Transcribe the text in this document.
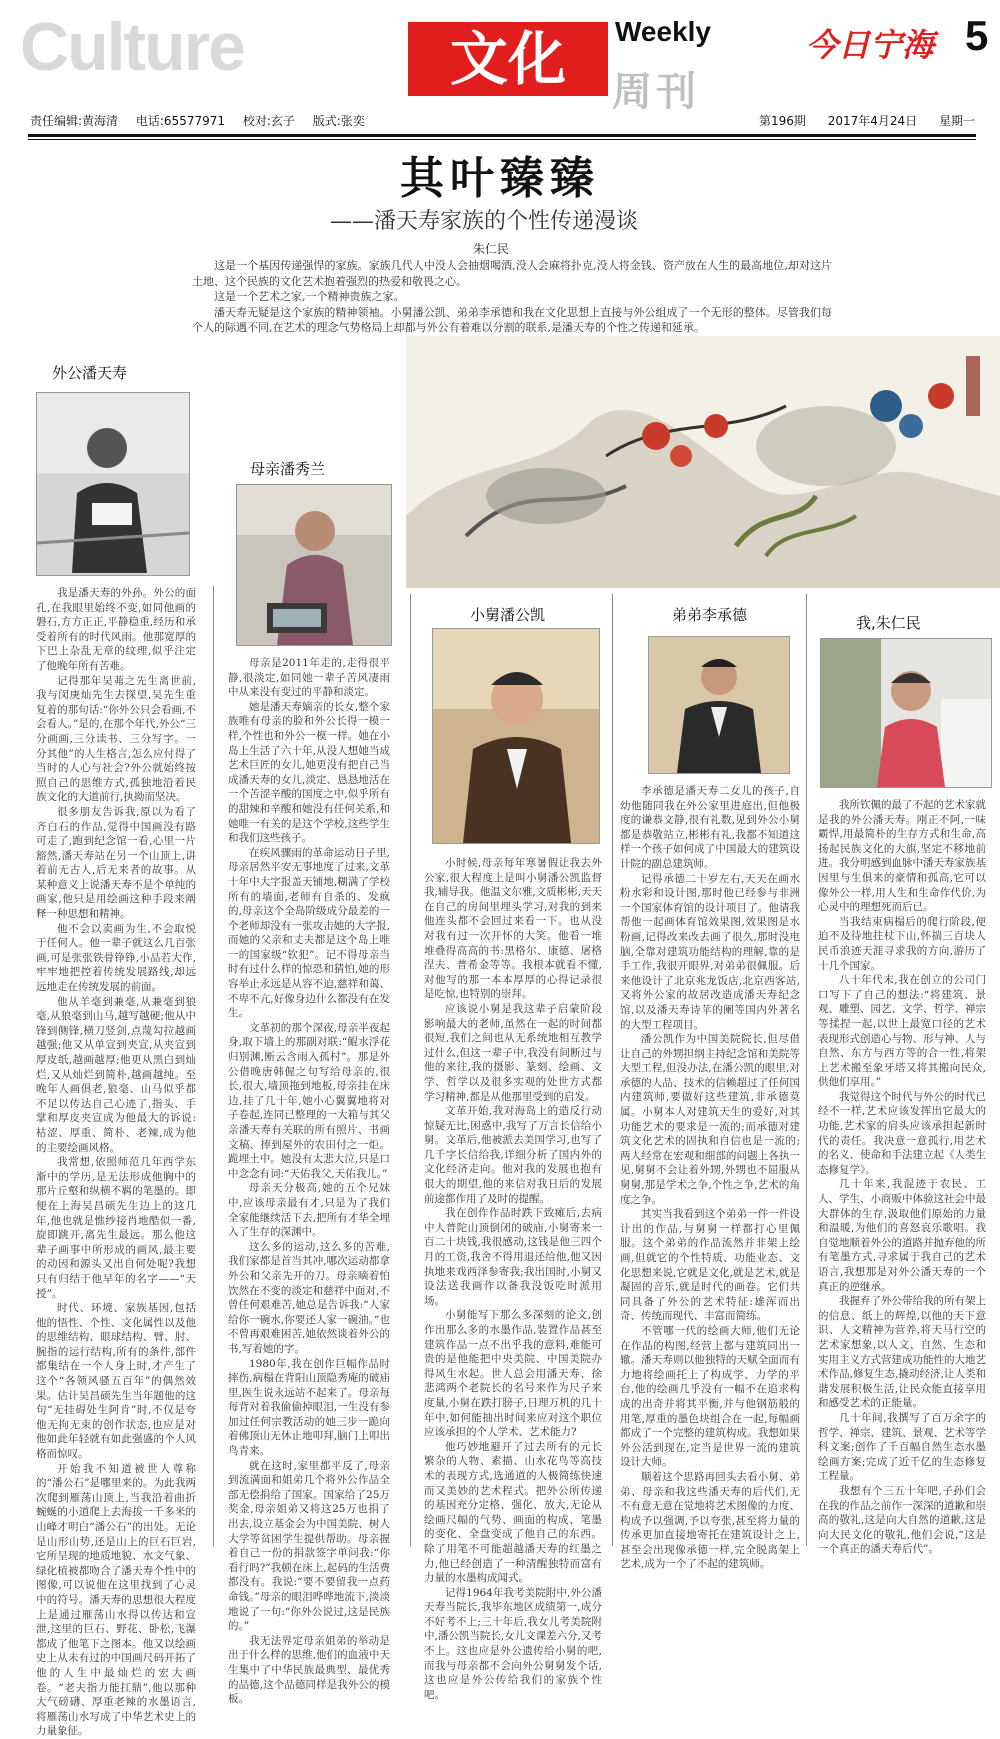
Culture	文化	Weekly
周刊
今日宁海 5
责任编辑:黄海清 电话:65577971 校对:玄子 版式:张奕	第196期 2017年4月24日 星期一
其叶臻臻
——潘天寿家族的个性传递漫谈
朱仁民

这是一个基因传递强悍的家族。家族几代人中没人会抽烟喝酒,没人会麻将扑克,没人将金钱、资产放在人生的最高地位,却对这片土地、这个民族的文化艺术抱着强烈的热爱和敬畏之心。

这是一个艺术之家,一个精神贵族之家。

潘天寿无疑是这个家族的精神领袖。小舅潘公凯、弟弟李承德和我在文化思想上直接与外公组成了一个无形的整体。尽管我们每个人的际遇不同,在艺术的理念气势格局上却都与外公有着难以分割的联系,是潘天寿的个性之传递和延承。

外公潘天寿
母亲潘秀兰
小舅潘公凯	弟弟李承德	我,朱仁民

我是潘天寿的外孙。外公的面孔,在我眼里始终不变,如同他画的磐石,方方正正,平静稳重,经历和承受着所有的时代风雨。他那宽厚的下巴上杂乱无章的纹理,似乎注定了他晚年所有苦难。

记得那年吴茀之先生离世前,我与闵庚灿先生去探望,吴先生重复着的那句话:“你外公只会看画,不会看人。”是的,在那个年代,外公“三分画画,三分读书、三分写字。一分其他”的人生格言,怎么应付得了当时的人心与社会?外公就始终按照自己的思维方式,孤独地沿着民族文化的大道前行,执拗而坚决。

很多朋友告诉我,原以为看了齐白石的作品,觉得中国画没有路可走了,跑到纪念馆一看,心里一片豁然,潘天寿站在另一个山顶上,讲着前无古人,后无来者的故事。从某种意义上说潘天寿不是个单纯的画家,他只是用绘画这种手段来阐释一种思想和精神。

他不会以卖画为生,不会取悦于任何人。他一辈子就这么几百张画,可是张张铁骨铮铮,小品若大作,牢牢地把控着传统发展路线,却远远地走在传统发展的前面。

他从羊毫到兼毫,从兼毫到狼毫,从狼毫到山马,越写越硬;他从中锋到侧锋,横刀竖剑,点蔑勾拉越画越强;他又从单宣到夹宣,从夹宣到厚皮纸,越画越厚;他更从黑白到灿烂,又从灿烂到简朴,越画越纯。至晚年人画俱老,狼毫、山马似乎都不足以传达自己心迹了,指头、手掌和厚皮夹宣成为他最大的诉说:枯涩、厚重、简朴、老辣,成为他的主要绘画风格。

我常想,依照师范几年西学东渐中的学历,是无法形成他胸中的那片丘壑和纵横不羁的笔墨的。即便在上海吴昌硕先生边上的这几年,他也就是憔纱接肖地酷似一番,旋即跳开,离先生最远。那么他这辈子画事中所形成的画风,最主要的动因和源头又出自何处呢?我想只有归结于他早年的名字——“天授”。

时代、环境、家族基因,包括他的悟性、个性、文化属性以及他的思维结构、眼球结构、臂、肘、腕指的运行结构,所有的条件,部件都集结在一个人身上时,才产生了这个“各领风骚五百年”的偶然效果。估计吴昌硕先生当年题他的这句“无挂碍处生阿肯”时,不仅是夸他无拘无束的创作状态,也应是对他如此年轻就有如此强盛的个人风格而惊叹。

开始我不知道被世人尊称的“潘公石”是哪里来的。为此我两次爬到雁荡山顶上,当我沿着曲折蜿蜒的小道爬上去海拔一千多米的山峰才明白“潘公石”的出处。无论是山形山势,还是山上的巨石巨岩,它所呈现的地质地貌、水文气象、绿化植被都吻合了潘天寿个性中的图像,可以说他在这里找到了心灵中的符号。潘天寿的思想很大程度上是通过雁荡山水得以传达和宣泄,这里的巨石、野花、卧松,飞瀑都成了他笔下之图本。他又以绘画史上从未有过的中国画尺码开拓了他的人生中最灿烂的宏大画卷。“老夫指力能扛鼎”,他以那种大气磅礴、厚重老辣的水墨语言,将雁荡山水写成了中华艺术史上的力量象征。

母亲是2011年走的,走得很平静,很淡定,如同她一辈子苦风凄雨中从来没有变过的平静和淡定。

她是潘天寿嫡亲的长女,整个家族唯有母亲的脸和外公长得一模一样,个性也和外公一模一样。她在小岛上生活了六十年,从没人想她当成艺术巨匠的女儿,她更没有把自己当成潘天寿的女儿,淡定、恳恳地活在一个苦涩辛酸的国度之中,似乎所有的甜辣和辛酸和她没有任何关系,和她唯一有关的是这个学校,这些学生和我们这些孩子。

在疾风骤雨的革命运动日子里,母亲居然平安无事地度了过来,文革十年中大字报盖天铺地,糊满了学校所有的墙面,老师有自杀的、发疯的,母亲这个全岛阶级成分最差的一个老师却没有一张攻击她的大字报,而她的父亲和丈夫都是这个岛上唯一的国家级“钦犯”。记不得母亲当时有过什么样的惊恐和猜怕,她的形容举止永远是从容不迫,慈祥和蔼、不卑不亢,好像身边什么都没有在发生。

文革初的那个深夜,母亲半夜起身,取下墙上的那副对联:“鲲水浮花归别渊,断云含雨入孤村”。那是外公借晚唐韩偓之句写给母亲的,很长,很大,墙顶拖到地板,母亲挂在床边,挂了几十年,她小心翼翼地将对子卷起,连同已整理的一大箱与其父亲潘天寿有关联的所有照片、书画文稿、捧到屋外的农田付之一炬。跪埋土中。她没有太悲大泣,只是口中念念有词:“天佑我父,天佑我儿。”

母亲天分极高,她的五个兄妹中,应该母亲最有才,只是为了我们全家能继续活下去,把所有才华全埋入了生存的深渊中。

这么多的运动,这么多的苦难,我们家都是首当其冲,哪次运动都拿外公和父亲先开的刀。母亲嘀着怕饮然在不变的淡定和慈祥中面对,不曾任何艰难苦,她总是告诉我:“人家给你一碗水,你要还人家一碗油。”也不曾再艰难困苦,她依然谈着外公的书,写着她的字。

1980年,我在创作巨幅作品时摔伤,病榻在背阳山顶隐秀庵的破庙里,医生说永远站不起来了。母亲每每背对着我偷偷掉眼泪,一生没有参加过任何宗教活动的她三步一跪向着佛顶山无休止地叩拜,脑门上叩出鸟青来。

就在这时,家里都平反了,母亲到流满面和姐弟几个将外公作品全部无偿捐给了国家。国家给了25万奖金,母亲姐弟又将这25万也捐了出去,设立基金会为中国美院、树人大学等贫困学生提供帮助。母亲握着自己一份的捐款签字单问我:“你看行吗?”我顿在床上,起码的生活费都没有。我说:“要不要留我一点药命钱。”母亲的眼泪哗哗地流下,淡淡地说了一句:“你外公说过,这是民族的。”

我无法界定母亲姐弟的举动是出于什么样的思维,他们的血液中天生集中了中华民族最典型、最优秀的品德,这个品德同样是我外公的模板。

小时候,母亲每年寒暑假让我去外公家,很大程度上是叫小舅潘公凯监督我,辅导我。他温文尔雅,文质彬彬,天天在自己的房间里埋头学习,对我的到来他连头都不会回过来看一下。也从没对我有过一次开怀的大笑。他看一堆堆叠得高高的书:黑格尔、康德、屠格涅夫、普希金等等。我根本就看不懂,对他写的那一本本厚厚的心得记录很是吃惊,也特别的崇拜。

应该说小舅是我这辈子启蒙阶段影响最大的老师,虽然在一起的时间都很短,我们之间也从无系统地相互教学过什么,但这一辈子中,我没有间断过与他的来往,我的摄影、篆刻、绘画、文学、哲学以及很多实观的处世方式都学习精神,都是从他那里受到的启发。

文革开始,我对海岛上的造反行动惊疑无比,困惑中,我写了万言长信给小舅。文革后,他被派去美国学习,也写了几千字长信给我,详细分析了国内外的文化经济走向。他对我的发展也抱有很大的期望,他的来信对我日后的发展前途都作用了及时的提醒。

我在创作作品时跌下致瘫后,去病中人普陀山顶倒闭的破庙,小舅寄来一百二十块钱,我很感动,这钱是他三四个月的工资,我舍不得用退还给他,他又因执地来戏西泽参寄我;我出国时,小舅又设法送我画作以备我没饭吃时派用场。

小舅能写下那么多深刻的论文,创作出那么多的水墨作品,装置作品甚至建筑作品一点不出乎我的意料,难能可贵的是他能把中央美院、中国美院办得风生水起。世人总会用潘天寿、徐悲鸿两个老院长的名号来作为尺子来度量,小舅在跌打膀子,日理万机的几十年中,如何能抽出时间来应对这个职位应该承担的个人学术、艺术能力?

他巧妙地避开了过去所有的元长繁杂的人物、素描、山水花鸟等高技术的表现方式,选通道的人极简练快速而又美妙的艺术程式。把外公所传递的基因充分定格、强化、放大,无论从绘画尺幅的气势、画面的构成、笔墨的变化、全盘变成了他自己的东西。除了用笔不可能超越潘天寿的红墨之力,他已经创造了一种清醒独特而富有力量的水墨构成闻式。

记得1964年我考美院附中,外公潘天寿当院长,我毕东地区成绩第一,成分不好考不上;三十年后,我女儿考美院附中,潘公凯当院长,女儿文课差六分,又考不上。这也应是外公遗传给小舅的吧,而我与母亲都不会向外公舅舅发个话,这也应是外公传给我们的家族个性吧。

李承德是潘天寿二女儿的孩子,自幼他随同我在外公家里进庭出,但他极度的谦恭文静,很有礼数,见到外公小舅都是恭敬站立,彬彬有礼,我都不知道这样一个孩子如何成了中国最大的建筑设计院的副总建筑师。

记得承德二十岁左右,天天在画水粉水彩和设计图,那时他已经参与非洲一个国家体育馆的设计项目了。他请我帮他一起画体育馆效果图,效果图是水粉画,记得改来改去画了很久,那时没电脑,全靠对建筑功能结构的理解,靠的是手工作,我很开眼界,对弟弟很佩服。后来他设计了北京兆龙饭店,北京西客站,又将外公家的故居改造成潘天寿纪念馆,以及潘天寿诗苹的阑等国内外著名的大型工程项目。

潘公凯作为中国美院院长,但尽借让自己的外甥担纲主持纪念馆和美院等大型工程,但没办法,在潘公凯的眼里,对承德的人品、技术的信赖超过了任何国内建筑师,要做好这些建筑,非承德莫属。小舅本人对建筑天生的爱好,对其功能艺术的要求是一流的;而承德对建筑文化艺术的固执和自信也是一流的;两人经常在宏观和细部的问题上各执一见,舅舅不会让着外甥,外甥也不屈服从舅舅,那是学术之争,个性之争,艺术的角度之争。

其实当我看到这个弟弟一件一件设计出的作品,与舅舅一样都打心里佩服。这个弟弟的作品流然并非架上绘画,但就它的个性特质、功能业态、文化思想来说,它就是文化,就是艺术,就是凝固的音乐,就是时代的画卷。它们共同具备了外公的艺术特征:雄浑而出奇、传统而现代、丰富而简练。

不管哪一代的绘画大师,他们无论在作品的构图,经营上都与建筑同出一辙。潘天寿则以他独特的天赋全面而有力地将绘画托上了构成学、力学的平台,他的绘画几乎没有一幅不在追求构成的出奇并将其平衡,并与他钢筋般的用笔,厚重的墨色块组合在一起,每幅画都成了一个完整的建筑构成。我想如果外公活到现在,定当是世界一流的建筑设计大师。

顺着这个思路再回头去看小舅、弟弟、母亲和我这些潘天寿的后代们,无不有意无意在觉地将艺术图像的力度、构成予以强调,予以夸张,甚至将力量的传承更加直接地寄托在建筑设计之上,甚至会出现像承德一样,完全脱离架上艺术,成为一个了不起的建筑师。

我所钦佩的最了不起的艺术家就是我的外公潘天寿。刚正不阿,一味霸悍,用最简朴的生存方式和生命,高扬起民族文化的大旗,坚定不移地前进。我分明感到血脉中潘天寿家族基因里与生俱来的豪情和孤高,它可以像外公一样,用人生和生命作代价,为心灵中的理想死而后已。

当我结束病榻后的爬行阶段,便迫不及待地拄杖下山,怀揣三百块人民币浪迹天涯寻求我的方向,游历了十几个国家。

八十年代末,我在创立的公司门口写下了自己的想法:“将建筑、景观、雕塑、园艺、文学、哲学、禅宗等揉捏一起,以世上最宽口径的艺术表现形式创造心与物、形与神、人与自然、东方与西方等的合一性,将架上艺术搬至象牙塔又将其搬向民众,供他们享用。”

我觉得这个时代与外公的时代已经不一样,艺术应该发挥出它最大的功能,艺术家的肩头应该承担起新时代的责任。我决意一意孤行,用艺术的名义、使命和手法建立起《人类生态修复学》。

几十年来,我混迹于农民、工人、学生、小商贩中体验这社会中最大群体的生存,汲取他们原始的力量和温暖,为他们的喜怒哀乐歌唱。我自觉地顺着外公的道路并抛弃他的所有笔墨方式,寻求属于我自己的艺术语言,我想那是对外公潘天寿的一个真正的逆继承。

我握弃了外公带给我的所有架上的信息、纸上的辉煌,以他的天下意识、人文精神为营养,将天马行空的艺术家想象,以人文、自然、生态和实用主义方式营建成功能性的大地艺术作品,修复生态,撬动经济,让人类和谐发展积极生活,让民众能直接享用和感受艺术的正能量。

几十年间,我撰写了百万余字的哲学、禅宗、建筑、景观、艺术等学科文案;创作了千百幅自然生态水墨绘画方案;完成了近千亿的生态修复工程量。

我想有个三五十年吧,子孙们会在我的作品之前作一深深的道歉和崇高的敬礼,这是向大自然的道歉,这是向大民文化的敬礼,他们会说,“这是一个真正的潘天寿后代”。
